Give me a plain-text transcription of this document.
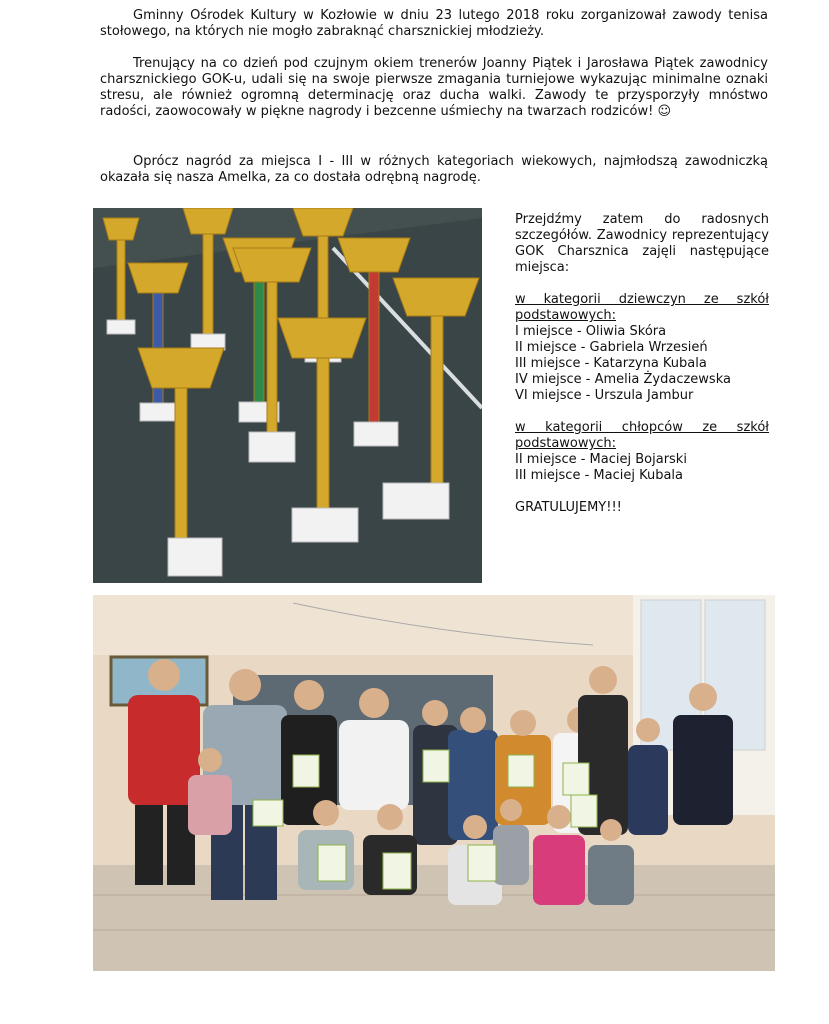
Gminny Ośrodek Kultury w Kozłowie w dniu 23 lutego 2018 roku zorganizował zawody tenisa stołowego, na których nie mogło zabraknąć charsznickiej młodzieży.

Trenujący na co dzień pod czujnym okiem trenerów Joanny Piątek i Jarosława Piątek zawodnicy charsznickiego GOK-u, udali się na swoje pierwsze zmagania turniejowe wykazując minimalne oznaki stresu, ale również ogromną determinację oraz ducha walki. Zawody te przysporzyły mnóstwo radości, zaowocowały w piękne nagrody i bezcenne uśmiechy na twarzach rodziców! ☺

Oprócz nagród za miejsca I - III w różnych kategoriach wiekowych, najmłodszą zawodniczką okazała się nasza Amelka, za co dostała odrębną nagrodę.

Przejdźmy zatem do radosnych szczegółów. Zawodnicy reprezentujący GOK Charsznica zajęli następujące miejsca:

w kategorii dziewczyn ze szkół podstawowych:

I miejsce - Oliwia Skóra

II miejsce - Gabriela Wrzesień

III miejsce - Katarzyna Kubala

IV miejsce - Amelia Żydaczewska

VI miejsce - Urszula Jambur

w kategorii chłopców ze szkół podstawowych:

II miejsce - Maciej Bojarski

III miejsce - Maciej Kubala

GRATULUJEMY!!!
